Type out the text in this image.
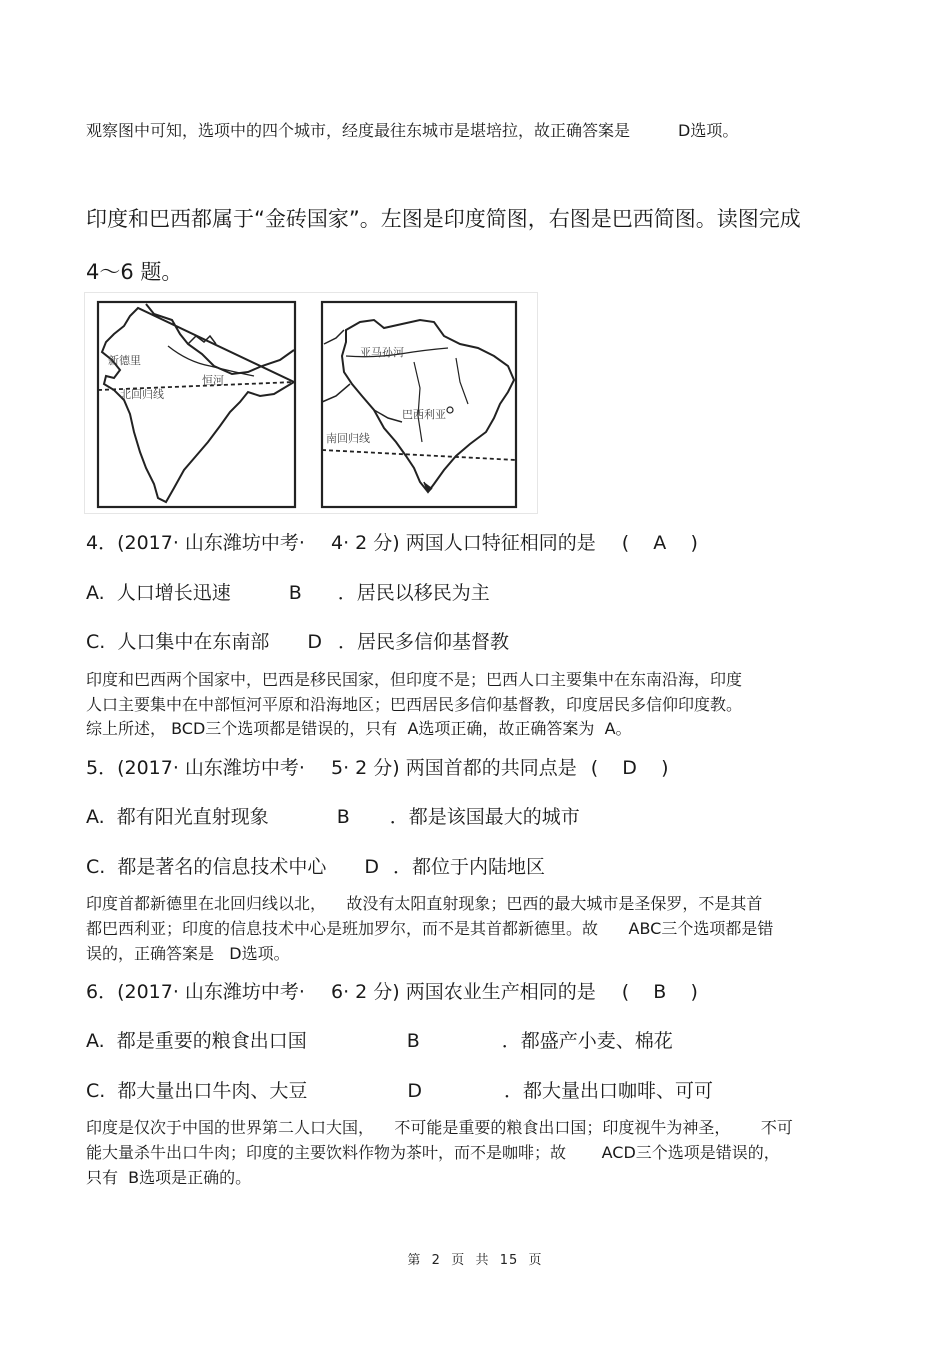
观察图中可知，选项中的四个城市，经度最往东城市是堪培拉，故正确答案是	D选项。
印度和巴西都属于“金砖国家”。左图是印度简图，右图是巴西简图。读图完成
4～6 题。
新德里
恒河
北回归线
亚马孙河
巴西利亚
南回归线
4．(2017· 山东潍坊中考· 4· 2 分) 两国人口特征相同的是 (    A    )
A. 人口增长迅速	B ．居民以移民为主
C. 人口集中在东南部 D ．居民多信仰基督教
印度和巴西两个国家中，巴西是移民国家，但印度不是；巴西人口主要集中在东南沿海，印度
人口主要集中在中部恒河平原和沿海地区；巴西居民多信仰基督教，印度居民多信仰印度教。
综上所述， BCD三个选项都是错误的，只有  A选项正确，故正确答案为  A。
5．(2017· 山东潍坊中考· 5· 2 分) 两国首都的共同点是 (    D    )
A. 都有阳光直射现象	B ．都是该国最大的城市
C. 都是著名的信息技术中心 D ．都位于内陆地区
印度首都新德里在北回归线以北，    故没有太阳直射现象；巴西的最大城市是圣保罗，不是其首
都巴西利亚；印度的信息技术中心是班加罗尔，而不是其首都新德里。故      ABC三个选项都是错
误的，正确答案是   D选项。
6．(2017· 山东潍坊中考· 6· 2 分) 两国农业生产相同的是 (    B    )
A. 都是重要的粮食出口国	B	．都盛产小麦、棉花
C. 都大量出口牛肉、大豆	D	．都大量出口咖啡、可可
印度是仅次于中国的世界第二人口大国，    不可能是重要的粮食出口国；印度视牛为神圣，      不可
能大量杀牛出口牛肉；印度的主要饮料作物为茶叶，而不是咖啡；故       ACD三个选项是错误的，
只有  B选项是正确的。
第  2  页  共  15  页
